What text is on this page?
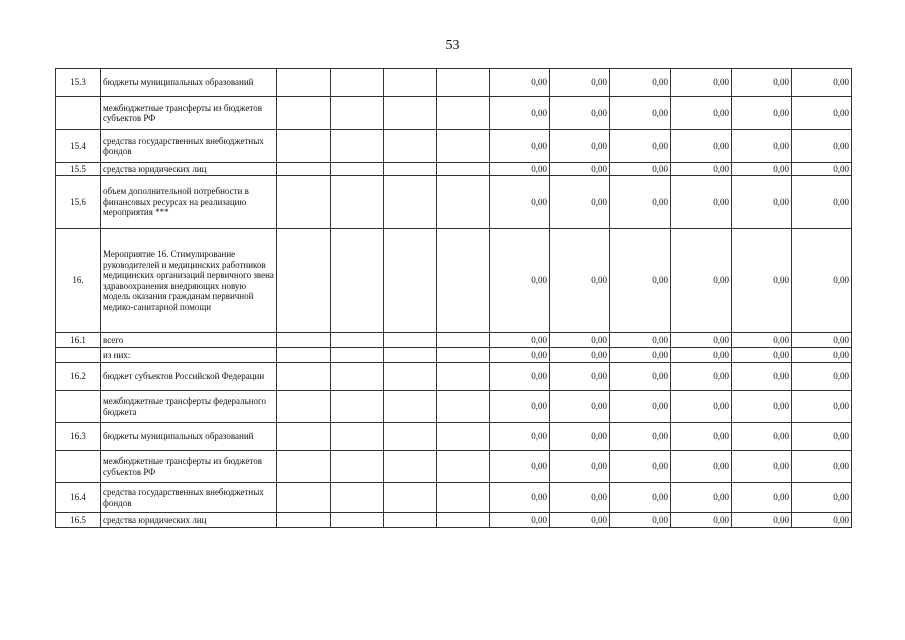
53
15.3	бюджеты муниципальных образований					0,00	0,00	0,00	0,00	0,00	0,00
	межбюджетные трансферты из бюджетов субъектов РФ					0,00	0,00	0,00	0,00	0,00	0,00
15.4	средства государственных внебюджетных фондов					0,00	0,00	0,00	0,00	0,00	0,00
15.5	средства юридических лиц					0,00	0,00	0,00	0,00	0,00	0,00
15.6	объем дополнительной потребности в финансовых ресурсах на реализацию мероприятия ***					0,00	0,00	0,00	0,00	0,00	0,00
16.	Мероприятие 16. Стимулирование руководителей и медицинских работников медицинских организаций первичного звена здравоохранения внедряющих новую модель оказания гражданам первичной медико-санитарной помощи					0,00	0,00	0,00	0,00	0,00	0,00
16.1	всего					0,00	0,00	0,00	0,00	0,00	0,00
	из них:					0,00	0,00	0,00	0,00	0,00	0,00
16.2	бюджет субъектов Российской Федерации					0,00	0,00	0,00	0,00	0,00	0,00
	межбюджетные трансферты федерального бюджета					0,00	0,00	0,00	0,00	0,00	0,00
16.3	бюджеты муниципальных образований					0,00	0,00	0,00	0,00	0,00	0,00
	межбюджетные трансферты из бюджетов субъектов РФ					0,00	0,00	0,00	0,00	0,00	0,00
16.4	средства государственных внебюджетных фондов					0,00	0,00	0,00	0,00	0,00	0,00
16.5	средства юридических лиц					0,00	0,00	0,00	0,00	0,00	0,00
